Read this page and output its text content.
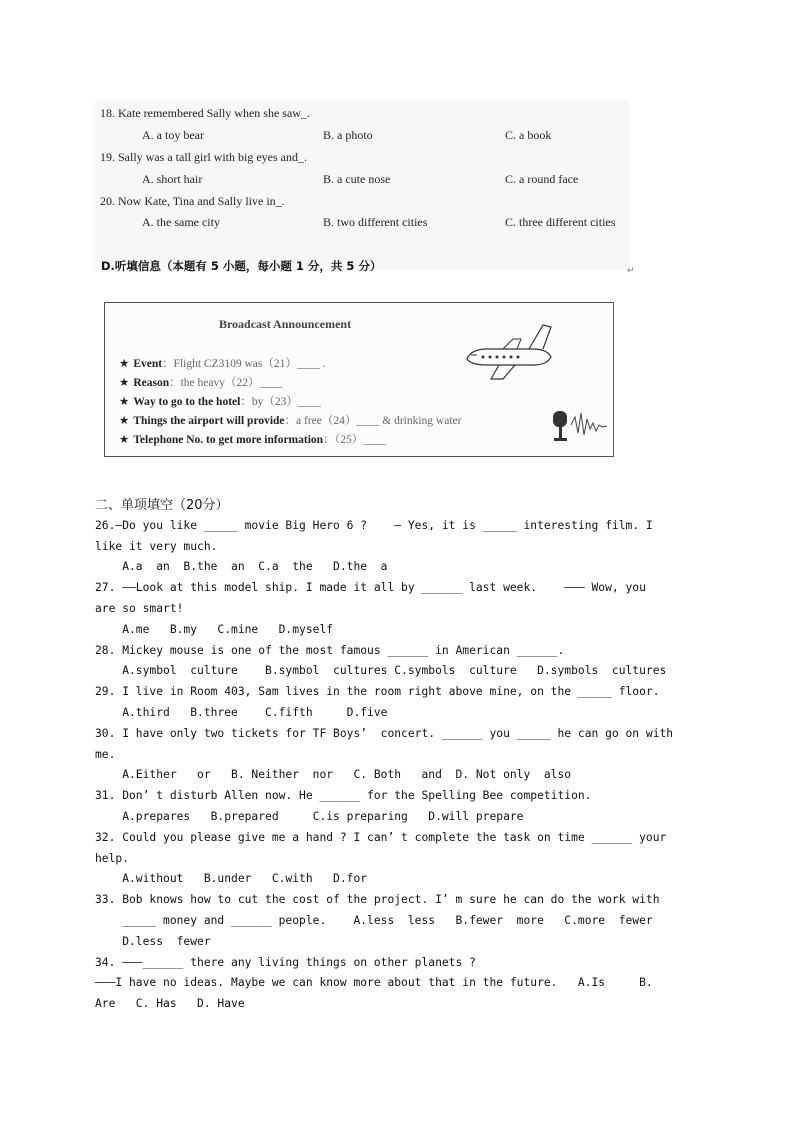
18. Kate remembered Sally when she saw_.
A. a toy bear	B. a photo	C. a book
19. Sally was a tall girl with big eyes and_.
A. short hair	B. a cute nose	C. a round face
20. Now Kate, Tina and Sally live in_.
A. the same city	B. two different cities	C. three different cities
D.听填信息（本题有 5 小题，每小题 1 分，共 5 分）	↵
Broadcast Announcement
★ Event：Flight CZ3109 was（21）____ .
★ Reason：the heavy（22）____
★ Way to go to the hotel：by（23）____
★ Things the airport will provide：a free（24）____ & drinking water
★ Telephone No. to get more information：（25）____
二、单项填空（20分）
26.—Do you like _____ movie Big Hero 6 ?    — Yes, it is _____ interesting film. I
like it very much.
A.a  an  B.the  an  C.a  the   D.the  a
27. ——Look at this model ship. I made it all by ______ last week.    ——— Wow, you
are so smart!
A.me   B.my   C.mine   D.myself
28. Mickey mouse is one of the most famous ______ in American ______.
A.symbol  culture    B.symbol  cultures C.symbols  culture   D.symbols  cultures
29. I live in Room 403, Sam lives in the room right above mine, on the _____ floor.
A.third   B.three    C.fifth     D.five
30. I have only two tickets for TF Boys’  concert. ______ you _____ he can go on with
me.
A.Either   or   B. Neither  nor   C. Both   and  D. Not only  also
31. Don’ t disturb Allen now. He ______ for the Spelling Bee competition.
A.prepares   B.prepared     C.is preparing   D.will prepare
32. Could you please give me a hand ? I can’ t complete the task on time ______ your
help.
A.without   B.under   C.with   D.for
33. Bob knows how to cut the cost of the project. I’ m sure he can do the work with
_____ money and ______ people.    A.less  less   B.fewer  more   C.more  fewer
D.less  fewer
34. ———______ there any living things on other planets ?
———I have no ideas. Maybe we can know more about that in the future.   A.Is     B.
Are   C. Has   D. Have
